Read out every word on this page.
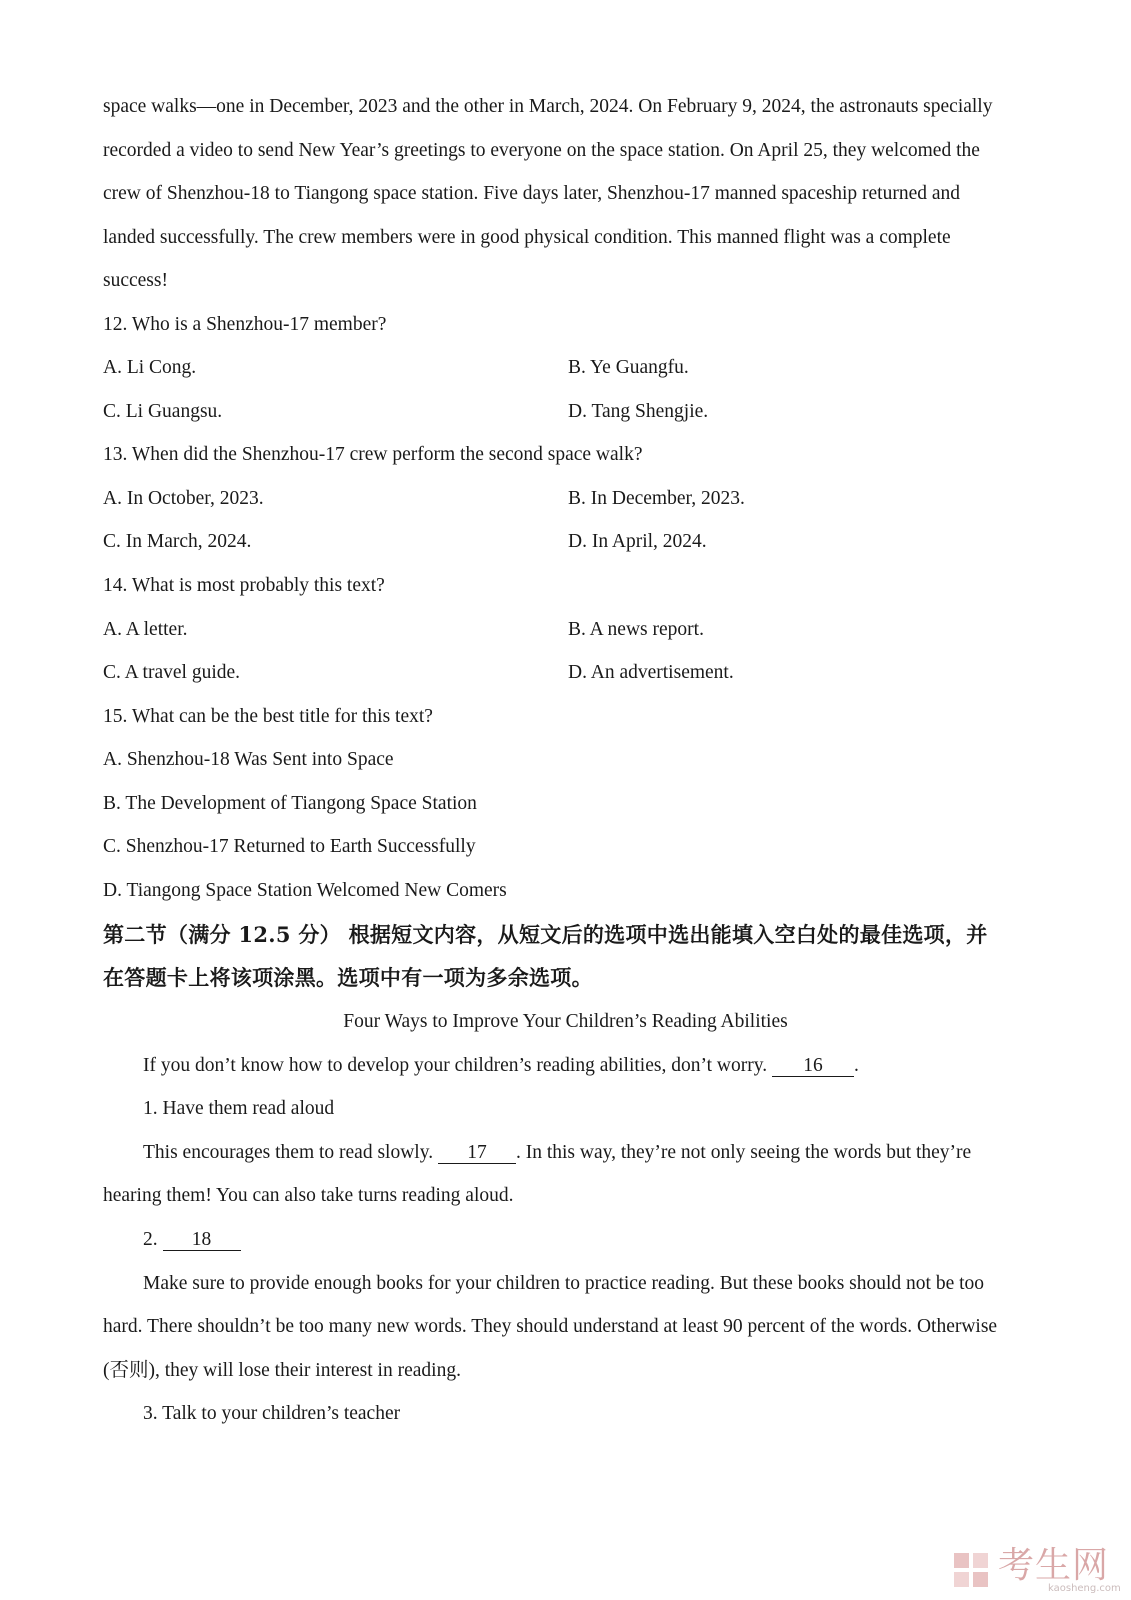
space walks—one in December, 2023 and the other in March, 2024. On February 9, 2024, the astronauts specially
recorded a video to send New Year’s greetings to everyone on the space station. On April 25, they welcomed the
crew of Shenzhou-18 to Tiangong space station. Five days later, Shenzhou-17 manned spaceship returned and
landed successfully. The crew members were in good physical condition. This manned flight was a complete
success!
12. Who is a Shenzhou-17 member?
A. Li Cong.	B. Ye Guangfu.
C. Li Guangsu.	D. Tang Shengjie.
13. When did the Shenzhou-17 crew perform the second space walk?
A. In October, 2023.	B. In December, 2023.
C. In March, 2024.	D. In April, 2024.
14. What is most probably this text?
A. A letter.	B. A news report.
C. A travel guide.	D. An advertisement.
15. What can be the best title for this text?
A. Shenzhou-18 Was Sent into Space
B. The Development of Tiangong Space Station
C. Shenzhou-17 Returned to Earth Successfully
D. Tiangong Space Station Welcomed New Comers
第二节（满分 12.5 分） 根据短文内容，从短文后的选项中选出能填入空白处的最佳选项，并
在答题卡上将该项涂黑。选项中有一项为多余选项。
Four Ways to Improve Your Children’s Reading Abilities
If you don’t know how to develop your children’s reading abilities, don’t worry. 16 .
1. Have them read aloud
This encourages them to read slowly. 17 . In this way, they’re not only seeing the words but they’re
hearing them! You can also take turns reading aloud.
2. 18
Make sure to provide enough books for your children to practice reading. But these books should not be too
hard. There shouldn’t be too many new words. They should understand at least 90 percent of the words. Otherwise
(否则), they will lose their interest in reading.
3. Talk to your children’s teacher
考生网
kaosheng.com
